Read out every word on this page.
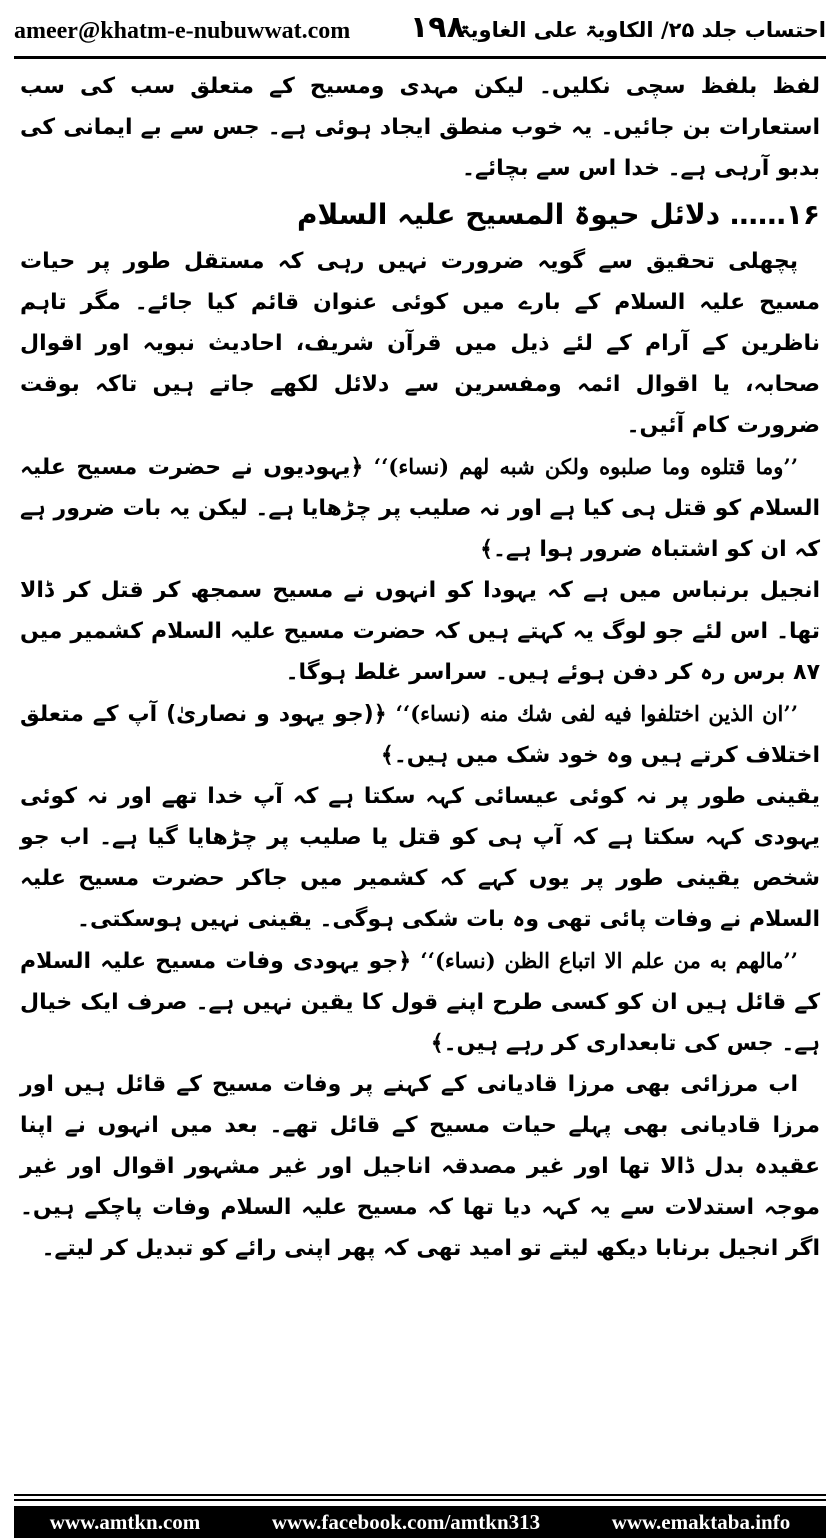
ameer@khatm-e-nubuwwat.com ۱۹۸
احتساب جلد ۲۵/ الکاویۃ علی الغاویۃ

لفظ بلفظ سچی نکلیں۔ لیکن مہدی ومسیح کے متعلق سب کی سب استعارات بن جائیں۔ یہ خوب منطق ایجاد ہوئی ہے۔ جس سے بے ایمانی کی بدبو آرہی ہے۔ خدا اس سے بچائے۔

۱۶…… دلائل حیوۃ المسیح علیہ السلام

پچھلی تحقیق سے گویہ ضرورت نہیں رہی کہ مستقل طور پر حیات مسیح علیہ السلام کے بارے میں کوئی عنوان قائم کیا جائے۔ مگر تاہم ناظرین کے آرام کے لئے ذیل میں قرآن شریف، احادیث نبویہ اور اقوال صحابہ، یا اقوال ائمہ ومفسرین سے دلائل لکھے جاتے ہیں تاکہ بوقت ضرورت کام آئیں۔

’’وما قتلوه وما صلبوه ولكن شبه لهم (نساء)‘‘ ﴿یہودیوں نے حضرت مسیح علیہ السلام کو قتل ہی کیا ہے اور نہ صلیب پر چڑھایا ہے۔ لیکن یہ بات ضرور ہے کہ ان کو اشتباہ ضرور ہوا ہے۔﴾

انجیل برنباس میں ہے کہ یہودا کو انہوں نے مسیح سمجھ کر قتل کر ڈالا تھا۔ اس لئے جو لوگ یہ کہتے ہیں کہ حضرت مسیح علیہ السلام کشمیر میں ۸۷ برس رہ کر دفن ہوئے ہیں۔ سراسر غلط ہوگا۔

’’ان الذين اختلفوا فيه لفى شك منه (نساء)‘‘ ﴿(جو یہود و نصاریٰ) آپ کے متعلق اختلاف کرتے ہیں وہ خود شک میں ہیں۔﴾

یقینی طور پر نہ کوئی عیسائی کہہ سکتا ہے کہ آپ خدا تھے اور نہ کوئی یہودی کہہ سکتا ہے کہ آپ ہی کو قتل یا صلیب پر چڑھایا گیا ہے۔ اب جو شخص یقینی طور پر یوں کہے کہ کشمیر میں جاکر حضرت مسیح علیہ السلام نے وفات پائی تھی وہ بات شکی ہوگی۔ یقینی نہیں ہوسکتی۔

’’مالهم به من علم الا اتباع الظن (نساء)‘‘ ﴿جو یہودی وفات مسیح علیہ السلام کے قائل ہیں ان کو کسی طرح اپنے قول کا یقین نہیں ہے۔ صرف ایک خیال ہے۔ جس کی تابعداری کر رہے ہیں۔﴾

اب مرزائی بھی مرزا قادیانی کے کہنے پر وفات مسیح کے قائل ہیں اور مرزا قادیانی بھی پہلے حیات مسیح کے قائل تھے۔ بعد میں انہوں نے اپنا عقیدہ بدل ڈالا تھا اور غیر مصدقہ اناجیل اور غیر مشہور اقوال اور غیر موجہ استدلات سے یہ کہہ دیا تھا کہ مسیح علیہ السلام وفات پاچکے ہیں۔ اگر انجیل برنابا دیکھ لیتے تو امید تھی کہ پھر اپنی رائے کو تبدیل کر لیتے۔

www.amtkn.com	www.facebook.com/amtkn313	www.emaktaba.info
